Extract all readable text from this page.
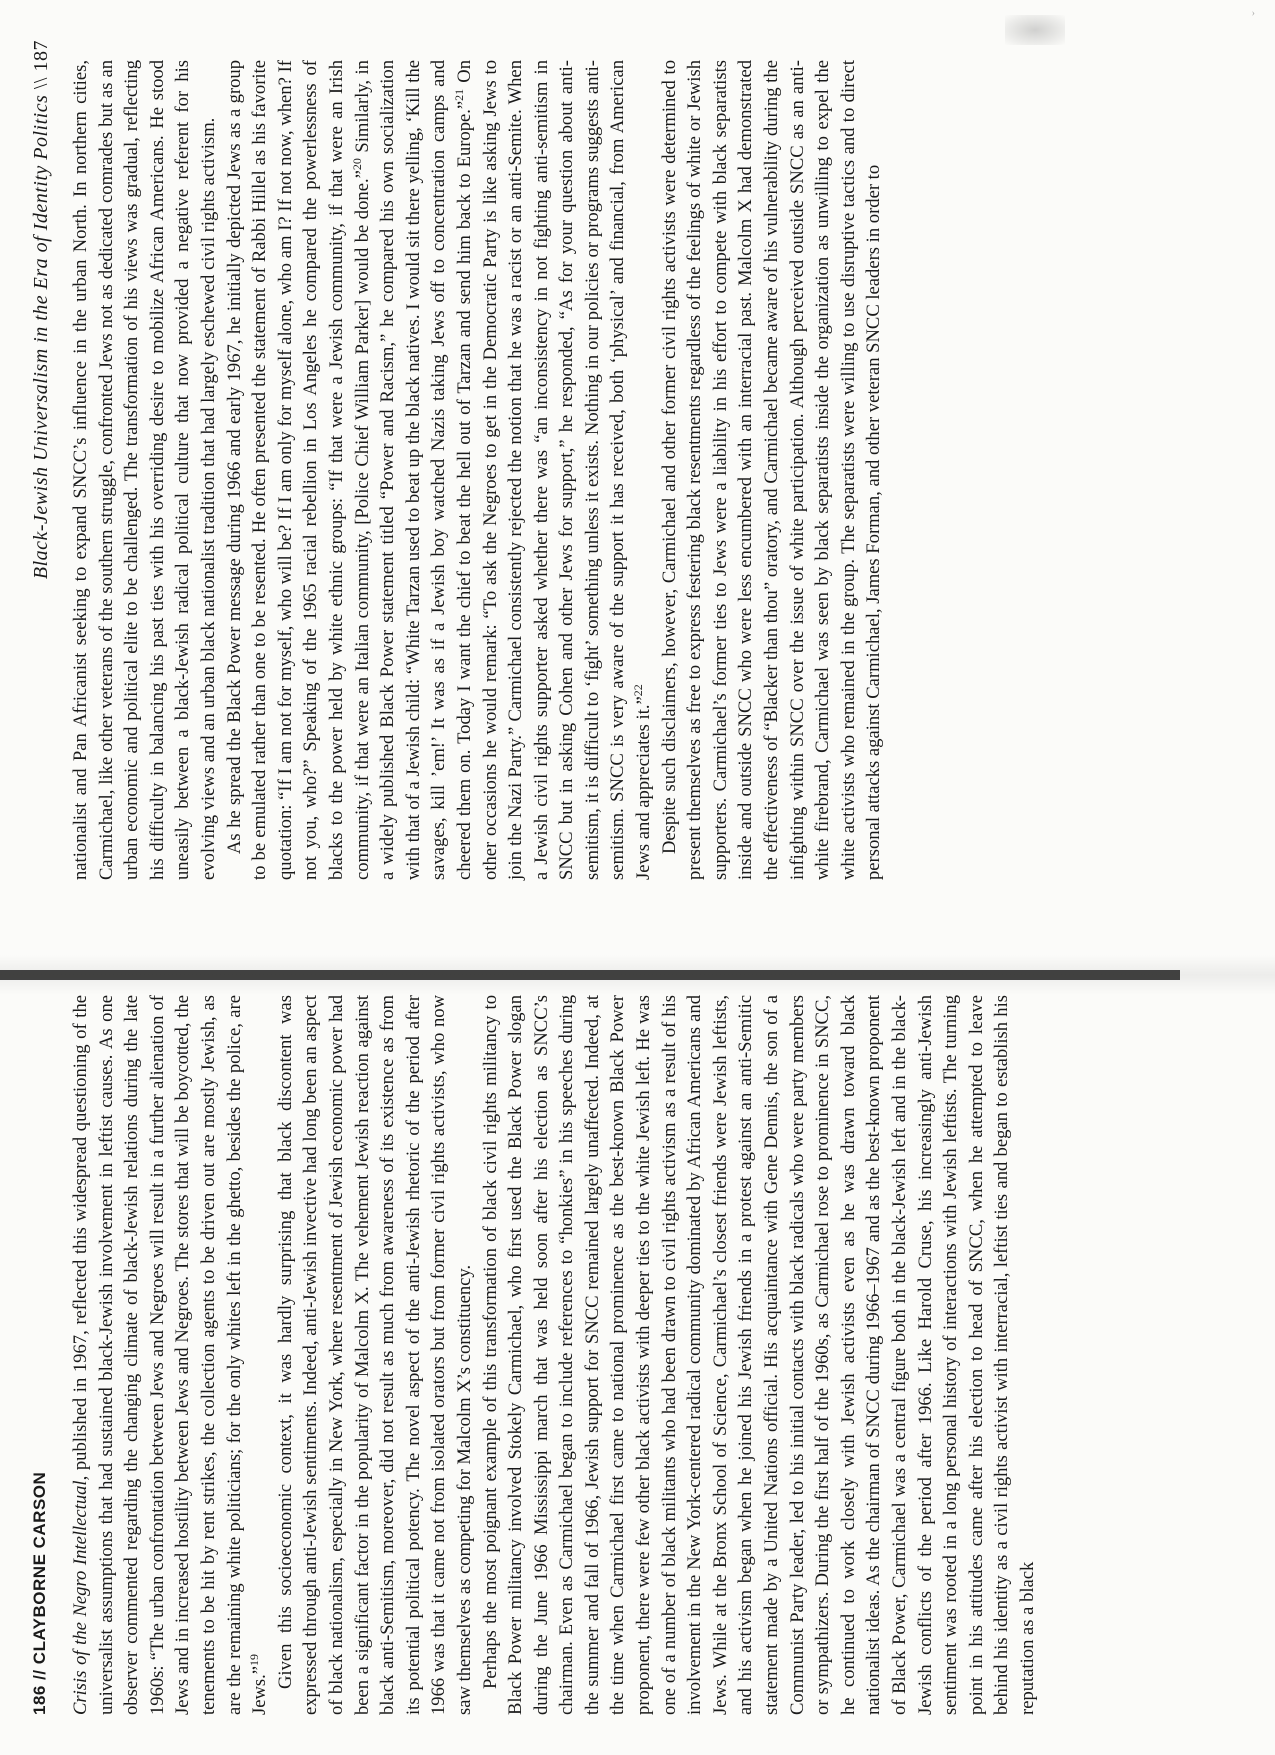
›
186 // CLAYBORNE CARSON Crisis of the Negro Intellectual, published in 1967, reflected this widespread questioning of the universalist assumptions that had sustained black-Jewish involvement in leftist causes. As one observer commented regarding the changing climate of black-Jewish relations during the late 1960s: “The urban confrontation between Jews and Negroes will result in a further alienation of Jews and in increased hostility between Jews and Negroes. The stores that will be boycotted, the tenements to be hit by rent strikes, the collection agents to be driven out are mostly Jewish, as are the remaining white politicians; for the only whites left in the ghetto, besides the police, are Jews.”$^{19}$ Given this socioeconomic context, it was hardly surprising that black discontent was expressed through anti-Jewish sentiments. Indeed, anti-Jewish invective had long been an aspect of black nationalism, especially in New York, where resentment of Jewish economic power had been a significant factor in the popularity of Malcolm X. The vehement Jewish reaction against black anti-Semitism, moreover, did not result as much from awareness of its existence as from its potential political potency. The novel aspect of the anti-Jewish rhetoric of the period after 1966 was that it came not from isolated orators but from former civil rights activists, who now saw themselves as competing for Malcolm X’s constituency. Perhaps the most poignant example of this transformation of black civil rights militancy to Black Power militancy involved Stokely Carmichael, who first used the Black Power slogan during the June 1966 Mississippi march that was held soon after his election as SNCC’s chairman. Even as Carmichael began to include references to “honkies” in his speeches during the summer and fall of 1966, Jewish support for SNCC remained largely unaffected. Indeed, at the time when Carmichael first came to national prominence as the best-known Black Power proponent, there were few other black activists with deeper ties to the white Jewish left. He was one of a number of black militants who had been drawn to civil rights activism as a result of his involvement in the New York-centered radical community dominated by African Americans and Jews. While at the Bronx School of Science, Carmichael’s closest friends were Jewish leftists, and his activism began when he joined his Jewish friends in a protest against an anti-Semitic statement made by a United Nations official. His acquaintance with Gene Dennis, the son of a Communist Party leader, led to his initial contacts with black radicals who were party members or sympathizers. During the first half of the 1960s, as Carmichael rose to prominence in SNCC, he continued to work closely with Jewish activists even as he was drawn toward black nationalist ideas. As the chairman of SNCC during 1966–1967 and as the best-known proponent of Black Power, Carmichael was a central figure both in the black-Jewish left and in the black-Jewish conflicts of the period after 1966. Like Harold Cruse, his increasingly anti-Jewish sentiment was rooted in a long personal history of interactions with Jewish leftists. The turning point in his attitudes came after his election to head of SNCC, when he attempted to leave behind his identity as a civil rights activist with interracial, leftist ties and began to establish his reputation as a black

Black-Jewish Universalism in the Era of Identity Politics \\ 187

nationalist and Pan Africanist seeking to expand SNCC’s influence in the urban North. In northern cities, Carmichael, like other veterans of the southern struggle, confronted Jews not as dedicated comrades but as an urban economic and political elite to be challenged. The transformation of his views was gradual, reflecting his difficulty in balancing his past ties with his overriding desire to mobilize African Americans. He stood uneasily between a black-Jewish radical political culture that now provided a negative referent for his evolving views and an urban black nationalist tradition that had largely eschewed civil rights activism. As he spread the Black Power message during 1966 and early 1967, he initially depicted Jews as a group to be emulated rather than one to be resented. He often presented the statement of Rabbi Hillel as his favorite quotation: “If I am not for myself, who will be? If I am only for myself alone, who am I? If not now, when? If not you, who?” Speaking of the 1965 racial rebellion in Los Angeles he compared the powerlessness of blacks to the power held by white ethnic groups: “If that were a Jewish community, if that were an Irish community, if that were an Italian community, [Police Chief William Parker] would be done.”$^{20}$ Similarly, in a widely published Black Power statement titled “Power and Racism,” he compared his own socialization with that of a Jewish child: “White Tarzan used to beat up the black natives. I would sit there yelling, ‘Kill the savages, kill ’em!’ It was as if a Jewish boy watched Nazis taking Jews off to concentration camps and cheered them on. Today I want the chief to beat the hell out of Tarzan and send him back to Europe.”$^{21}$ On other occasions he would remark: “To ask the Negroes to get in the Democratic Party is like asking Jews to join the Nazi Party.” Carmichael consistently rejected the notion that he was a racist or an anti-Semite. When a Jewish civil rights supporter asked whether there was “an inconsistency in not fighting anti-semitism in SNCC but in asking Cohen and other Jews for support,” he responded, “As for your question about anti-semitism, it is difficult to ‘fight’ something unless it exists. Nothing in our policies or programs suggests anti-semitism. SNCC is very aware of the support it has received, both ‘physical’ and financial, from American Jews and appreciates it.”$^{22}$ Despite such disclaimers, however, Carmichael and other former civil rights activists were determined to present themselves as free to express festering black resentments regardless of the feelings of white or Jewish supporters. Carmichael’s former ties to Jews were a liability in his effort to compete with black separatists inside and outside SNCC who were less encumbered with an interracial past. Malcolm X had demonstrated the effectiveness of “Blacker than thou” oratory, and Carmichael became aware of his vulnerability during the infighting within SNCC over the issue of white participation. Although perceived outside SNCC as an anti-white firebrand, Carmichael was seen by black separatists inside the organization as unwilling to expel the white activists who remained in the group. The separatists were willing to use disruptive tactics and to direct personal attacks against Carmichael, James Forman, and other veteran SNCC leaders in order to
